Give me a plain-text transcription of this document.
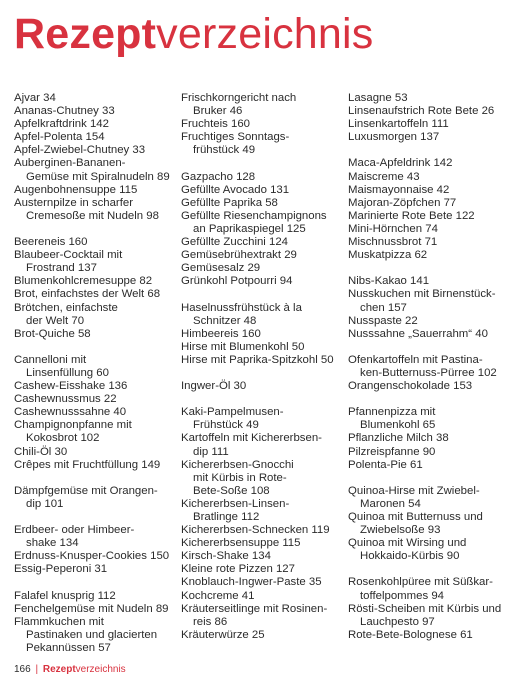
Rezeptverzeichnis
Ajvar 34
Ananas-Chutney 33
Apfelkraftdrink 142
Apfel-Polenta 154
Apfel-Zwiebel-Chutney 33
Auberginen-Bananen-
Gemüse mit Spiralnudeln 89
Augenbohnensuppe 115
Austernpilze in scharfer
Cremesoße mit Nudeln 98
Beereneis 160
Blaubeer-Cocktail mit
Frostrand 137
Blumenkohlcremesuppe 82
Brot, einfachstes der Welt 68
Brötchen, einfachste
der Welt 70
Brot-Quiche 58
Cannelloni mit
Linsenfüllung 60
Cashew-Eisshake 136
Cashewnussmus 22
Cashewnusssahne 40
Champignonpfanne mit
Kokosbrot 102
Chili-Öl 30
Crêpes mit Fruchtfüllung 149
Dämpfgemüse mit Orangen-
dip 101
Erdbeer- oder Himbeer-
shake 134
Erdnuss-Knusper-Cookies 150
Essig-Peperoni 31
Falafel knusprig 112
Fenchelgemüse mit Nudeln 89
Flammkuchen mit
Pastinaken und glacierten
Pekannüssen 57
Frischkorngericht nach
Bruker 46
Fruchteis 160
Fruchtiges Sonntags-
frühstück 49
Gazpacho 128
Gefüllte Avocado 131
Gefüllte Paprika 58
Gefüllte Riesenchampignons
an Paprikaspiegel 125
Gefüllte Zucchini 124
Gemüsebrühextrakt 29
Gemüsesalz 29
Grünkohl Potpourri 94
Haselnussfrühstück à la
Schnitzer 48
Himbeereis 160
Hirse mit Blumenkohl 50
Hirse mit Paprika-Spitzkohl 50
Ingwer-Öl 30
Kaki-Pampelmusen-
Frühstück 49
Kartoffeln mit Kichererbsen-
dip 111
Kichererbsen-Gnocchi
mit Kürbis in Rote-
Bete-Soße 108
Kichererbsen-Linsen-
Bratlinge 112
Kichererbsen-Schnecken 119
Kichererbsensuppe 115
Kirsch-Shake 134
Kleine rote Pizzen 127
Knoblauch-Ingwer-Paste 35
Kochcreme 41
Kräuterseitlinge mit Rosinen-
reis 86
Kräuterwürze 25
Lasagne 53
Linsenaufstrich Rote Bete 26
Linsenkartoffeln 111
Luxusmorgen 137
Maca-Apfeldrink 142
Maiscreme 43
Maismayonnaise 42
Majoran-Zöpfchen 77
Marinierte Rote Bete 122
Mini-Hörnchen 74
Mischnussbrot 71
Muskatpizza 62
Nibs-Kakao 141
Nusskuchen mit Birnenstück-
chen 157
Nusspaste 22
Nusssahne „Sauerrahm“ 40
Ofenkartoffeln mit Pastina-
ken-Butternuss-Pürree 102
Orangenschokolade 153
Pfannenpizza mit
Blumenkohl 65
Pflanzliche Milch 38
Pilzreispfanne 90
Polenta-Pie 61
Quinoa-Hirse mit Zwiebel-
Maronen 54
Quinoa mit Butternuss und
Zwiebelsoße 93
Quinoa mit Wirsing und
Hokkaido-Kürbis 90
Rosenkohlpüree mit Süßkar-
toffelpommes 94
Rösti-Scheiben mit Kürbis und
Lauchpesto 97
Rote-Bete-Bolognese 61
166 | Rezeptverzeichnis
